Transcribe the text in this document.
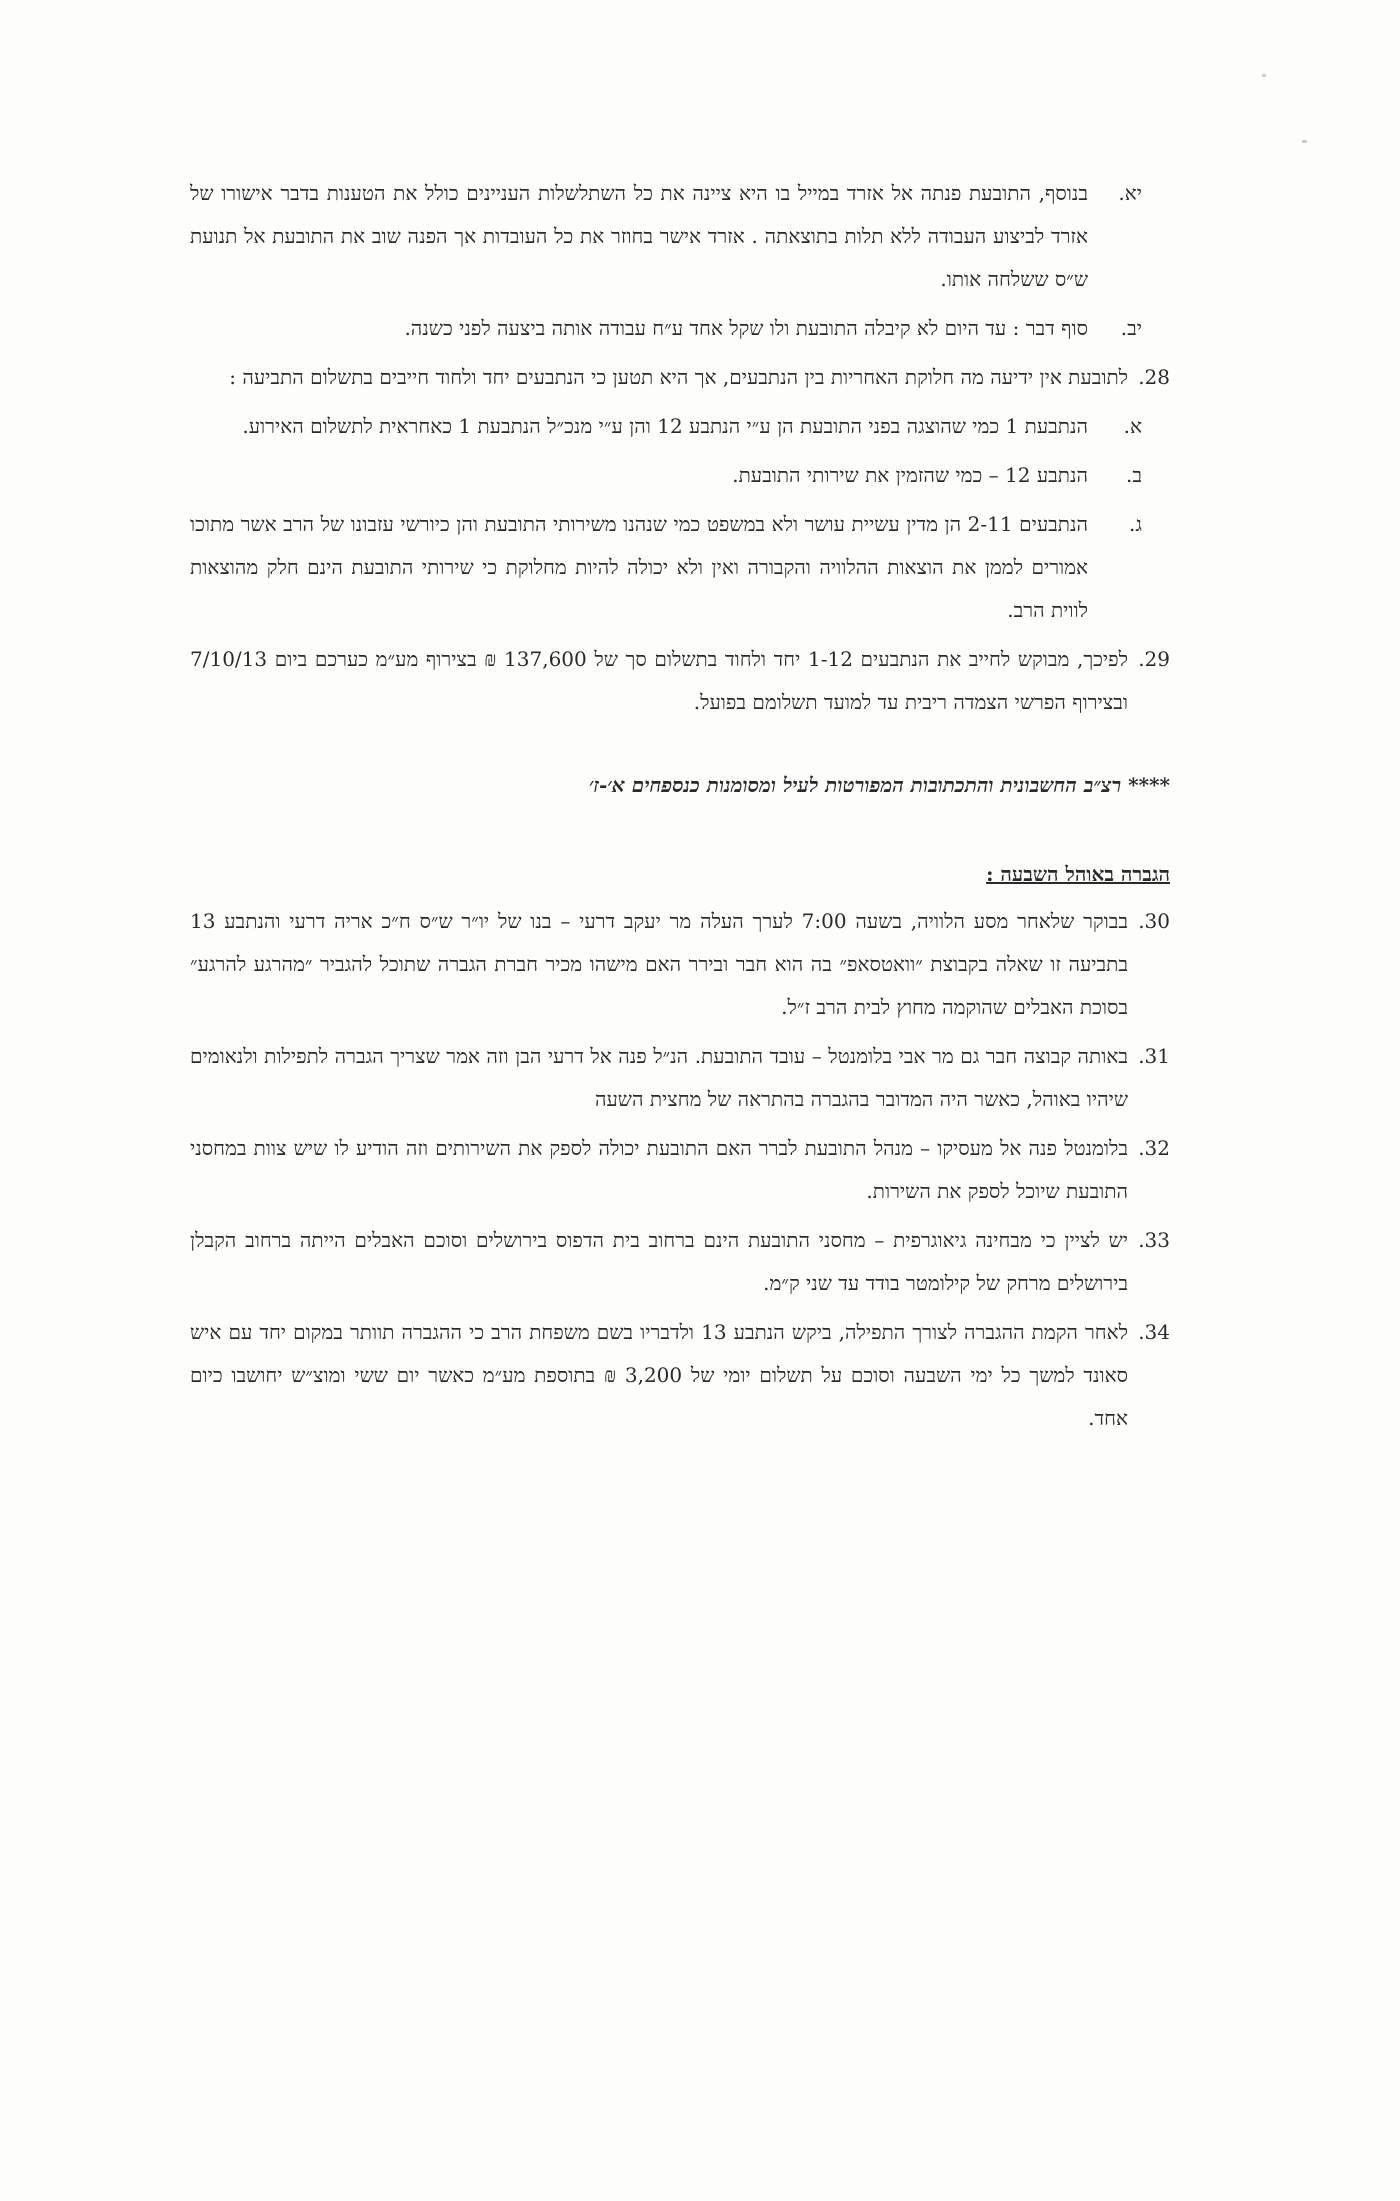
יא.
בנוסף, התובעת פנתה אל אזרד במייל בו היא ציינה את כל השתלשלות העניינים כולל את הטענות בדבר אישורו של אזרד לביצוע העבודה ללא תלות בתוצאתה . אזרד אישר בחוזר את כל העובדות אך הפנה שוב את התובעת אל תנועת ש״ס ששלחה אותו.
יב.
סוף דבר : עד היום לא קיבלה התובעת ולו שקל אחד ע״ח עבודה אותה ביצעה לפני כשנה.
28.
לתובעת אין ידיעה מה חלוקת האחריות בין הנתבעים, אך היא תטען כי הנתבעים יחד ולחוד חייבים בתשלום התביעה :
א.
הנתבעת 1 כמי שהוצגה בפני התובעת הן ע״י הנתבע 12 והן ע״י מנכ״ל הנתבעת 1 כאחראית לתשלום האירוע.
ב.
הנתבע 12 – כמי שהזמין את שירותי התובעת.
ג.
הנתבעים 2-11 הן מדין עשיית עושר ולא במשפט כמי שנהנו משירותי התובעת והן כיורשי עזבונו של הרב אשר מתוכו אמורים לממן את הוצאות ההלוויה והקבורה ואין ולא יכולה להיות מחלוקת כי שירותי התובעת הינם חלק מהוצאות לווית הרב.
29.
לפיכך, מבוקש לחייב את הנתבעים 1-12 יחד ולחוד בתשלום סך של 137,600 ₪ בצירוף מע״מ כערכם ביום 7/10/13 ובצירוף הפרשי הצמדה ריבית עד למועד תשלומם בפועל.
**** רצ״ב החשבונית והתכתובות המפורטות לעיל ומסומנות כנספחים א׳-ז׳
הגברה באוהל השבעה :
30.
בבוקר שלאחר מסע הלוויה, בשעה 7:00 לערך העלה מר יעקב דרעי – בנו של יו״ר ש״ס ח״כ אריה דרעי והנתבע 13 בתביעה זו שאלה בקבוצת ״וואטסאפ״ בה הוא חבר ובירר האם מישהו מכיר חברת הגברה שתוכל להגביר ״מהרגע להרגע״ בסוכת האבלים שהוקמה מחוץ לבית הרב ז״ל.
31.
באותה קבוצה חבר גם מר אבי בלומנטל – עובד התובעת. הנ״ל פנה אל דרעי הבן וזה אמר שצריך הגברה לתפילות ולנאומים שיהיו באוהל, כאשר היה המדובר בהגברה בהתראה של מחצית השעה
32.
בלומנטל פנה אל מעסיקו – מנהל התובעת לברר האם התובעת יכולה לספק את השירותים וזה הודיע לו שיש צוות במחסני התובעת שיוכל לספק את השירות.
33.
יש לציין כי מבחינה גיאוגרפית – מחסני התובעת הינם ברחוב בית הדפוס בירושלים וסוכם האבלים הייתה ברחוב הקבלן בירושלים מרחק של קילומטר בודד עד שני ק״מ.
34.
לאחר הקמת ההגברה לצורך התפילה, ביקש הנתבע 13 ולדבריו בשם משפחת הרב כי ההגברה תוותר במקום יחד עם איש סאונד למשך כל ימי השבעה וסוכם על תשלום יומי של 3,200 ₪ בתוספת מע״מ כאשר יום ששי ומוצ״ש יחושבו כיום אחד.
